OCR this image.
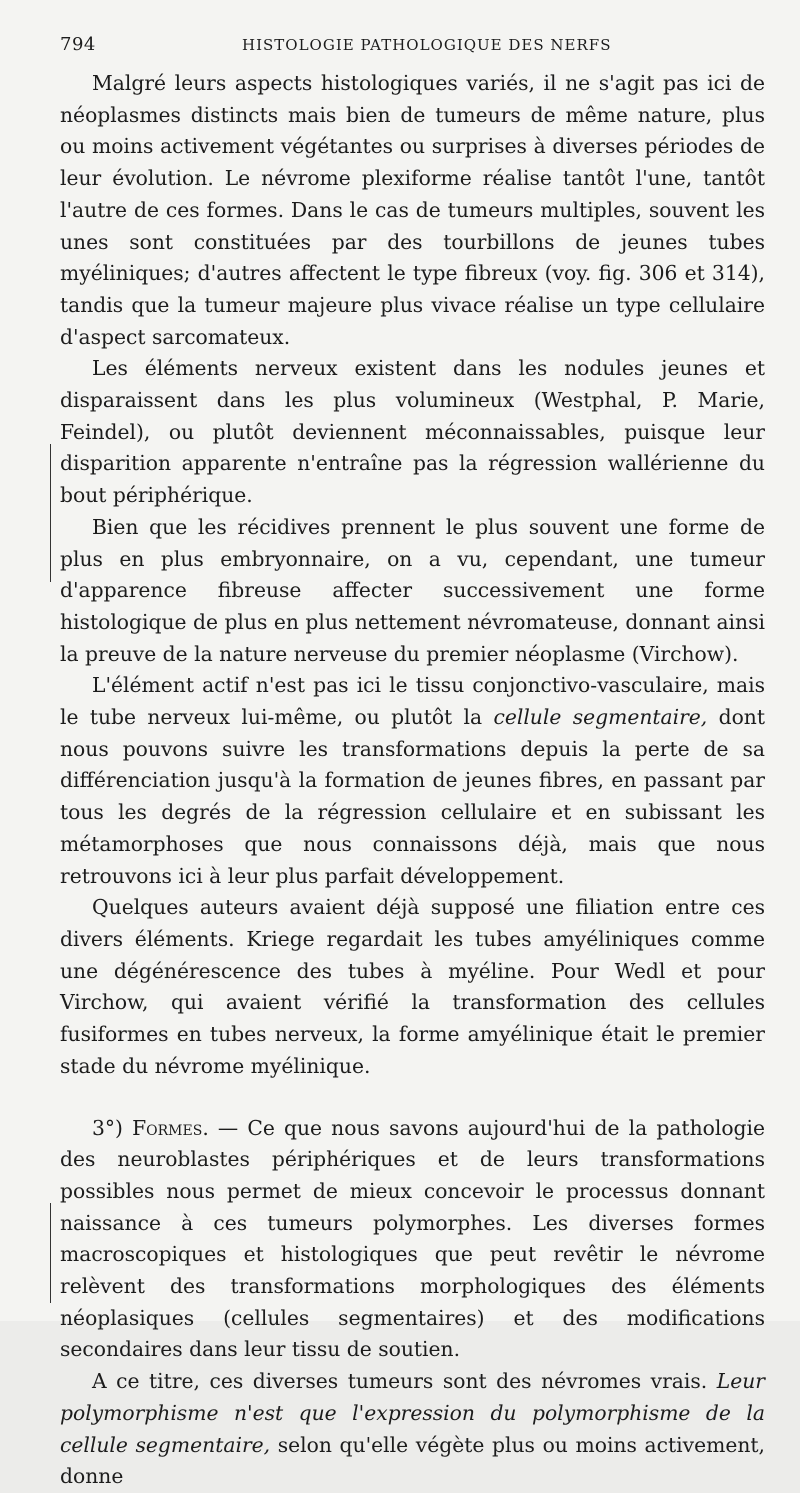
794	HISTOLOGIE PATHOLOGIQUE DES NERFS

Malgré leurs aspects histologiques variés, il ne s'agit pas ici de néoplasmes distincts mais bien de tumeurs de même nature, plus ou moins activement végétantes ou surprises à diverses périodes de leur évolution. Le névrome plexiforme réalise tantôt l'une, tantôt l'autre de ces formes. Dans le cas de tumeurs multiples, souvent les unes sont constituées par des tourbillons de jeunes tubes myéliniques; d'autres affectent le type fibreux (voy. fig. 306 et 314), tandis que la tumeur majeure plus vivace réalise un type cellulaire d'aspect sarcomateux.

Les éléments nerveux existent dans les nodules jeunes et disparaissent dans les plus volumineux (Westphal, P. Marie, Feindel), ou plutôt deviennent méconnaissables, puisque leur disparition apparente n'entraîne pas la régression wallérienne du bout périphérique.

Bien que les récidives prennent le plus souvent une forme de plus en plus embryonnaire, on a vu, cependant, une tumeur d'apparence fibreuse affecter successivement une forme histologique de plus en plus nettement névromateuse, donnant ainsi la preuve de la nature nerveuse du premier néoplasme (Virchow).

L'élément actif n'est pas ici le tissu conjonctivo-vasculaire, mais le tube nerveux lui-même, ou plutôt la cellule segmentaire, dont nous pouvons suivre les transformations depuis la perte de sa différenciation jusqu'à la formation de jeunes fibres, en passant par tous les degrés de la régression cellulaire et en subissant les métamorphoses que nous connaissons déjà, mais que nous retrouvons ici à leur plus parfait développement.

Quelques auteurs avaient déjà supposé une filiation entre ces divers éléments. Kriege regardait les tubes amyéliniques comme une dégénérescence des tubes à myéline. Pour Wedl et pour Virchow, qui avaient vérifié la transformation des cellules fusiformes en tubes nerveux, la forme amyélinique était le premier stade du névrome myélinique.

3°) Formes. — Ce que nous savons aujourd'hui de la pathologie des neuroblastes périphériques et de leurs transformations possibles nous permet de mieux concevoir le processus donnant naissance à ces tumeurs polymorphes. Les diverses formes macroscopiques et histologiques que peut revêtir le névrome relèvent des transformations morphologiques des éléments néoplasiques (cellules segmentaires) et des modifications secondaires dans leur tissu de soutien.

A ce titre, ces diverses tumeurs sont des névromes vrais. Leur polymorphisme n'est que l'expression du polymorphisme de la cellule segmentaire, selon qu'elle végète plus ou moins activement, donne
